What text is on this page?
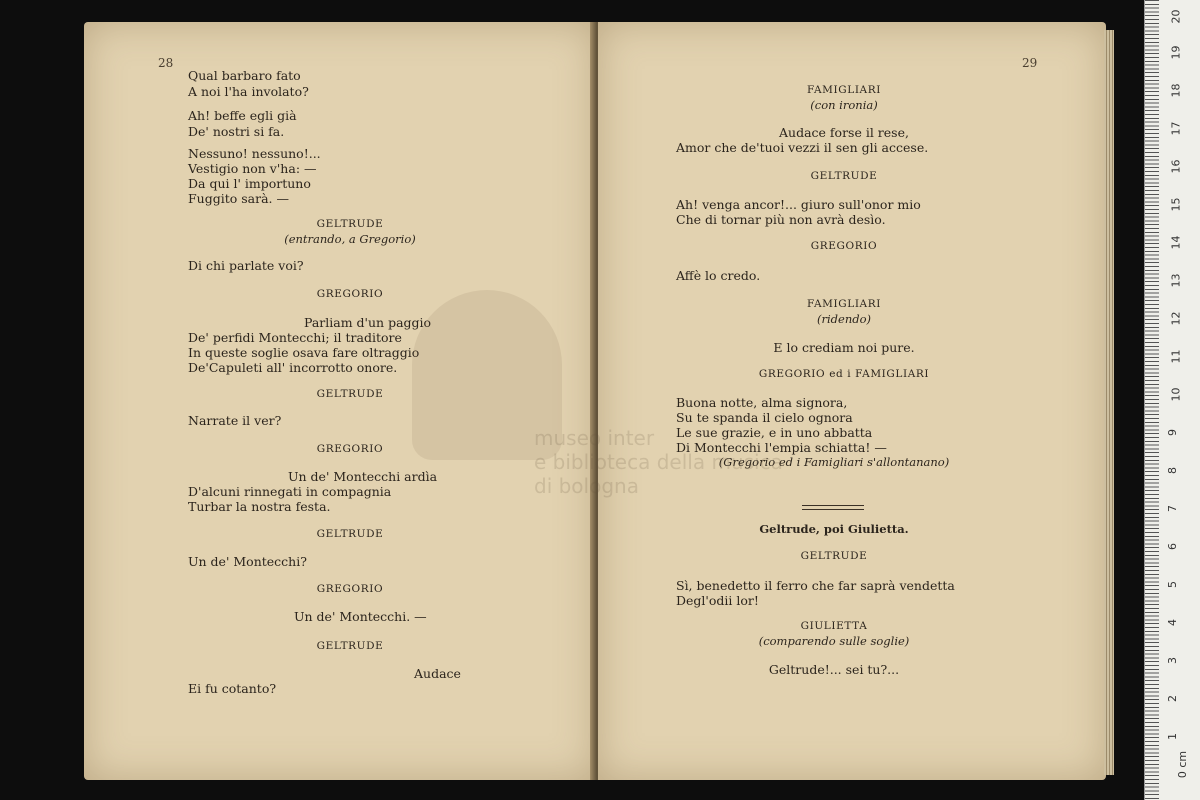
28
Qual barbaro fato
A noi l'ha involato?
Ah! beffe egli già
De' nostri si fa.
Nessuno! nessuno!...
Vestigio non v'ha: —
Da qui l' importuno
Fuggito sarà. —
GELTRUDE
(entrando, a Gregorio)
Di chi parlate voi?
GREGORIO
Parliam d'un paggio
De' perfidi Montecchi; il traditore
In queste soglie osava fare oltraggio
De'Capuleti all' incorrotto onore.
GELTRUDE
Narrate il ver?
GREGORIO
Un de' Montecchi ardìa
D'alcuni rinnegati in compagnia
Turbar la nostra festa.
GELTRUDE
Un de' Montecchi?
GREGORIO
Un de' Montecchi. —
GELTRUDE
Audace
Ei fu cotanto?
29
FAMIGLIARI
(con ironia)
Audace forse il rese,
Amor che de'tuoi vezzi il sen gli accese.
GELTRUDE
Ah! venga ancor!... giuro sull'onor mio
Che di tornar più non avrà desìo.
GREGORIO
Affè lo credo.
FAMIGLIARI
(ridendo)
E lo crediam noi pure.
GREGORIO ed i FAMIGLIARI
Buona notte, alma signora,
Su te spanda il cielo ognora
Le sue grazie, e in uno abbatta
Di Montecchi l'empia schiatta! —
(Gregorio ed i Famigliari s'allontanano)
Geltrude, poi Giulietta.
GELTRUDE
Sì, benedetto il ferro che far saprà vendetta
Degl'odii lor!
GIULIETTA
(comparendo sulle soglie)
Geltrude!... sei tu?...
museo inter
e biblioteca della musica
di bologna
0 cm
1
2
3
4
5
6
7
8
9
10
11
12
13
14
15
16
17
18
19
20
